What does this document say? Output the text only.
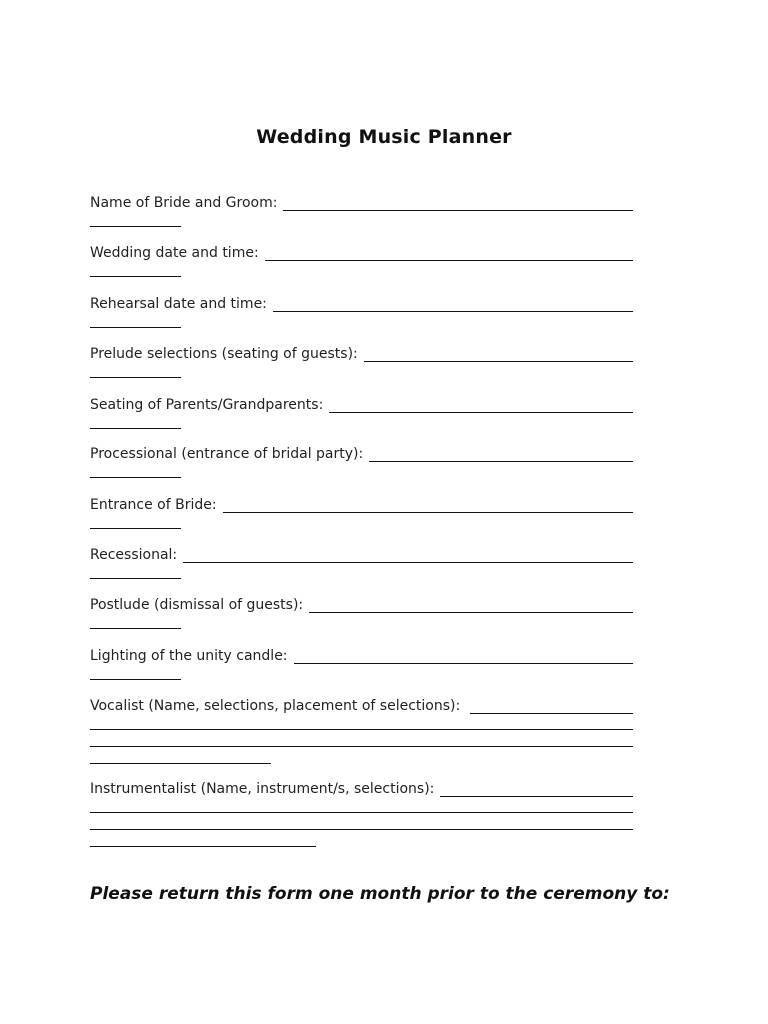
Wedding Music Planner
Name of Bride and Groom:
Wedding date and time:
Rehearsal date and time:
Prelude selections (seating of guests):
Seating of Parents/Grandparents:
Processional (entrance of bridal party):
Entrance of Bride:
Recessional:
Postlude (dismissal of guests):
Lighting of the unity candle:
Vocalist (Name, selections, placement of selections):
Instrumentalist (Name, instrument/s, selections):
Please return this form one month prior to the ceremony to:
